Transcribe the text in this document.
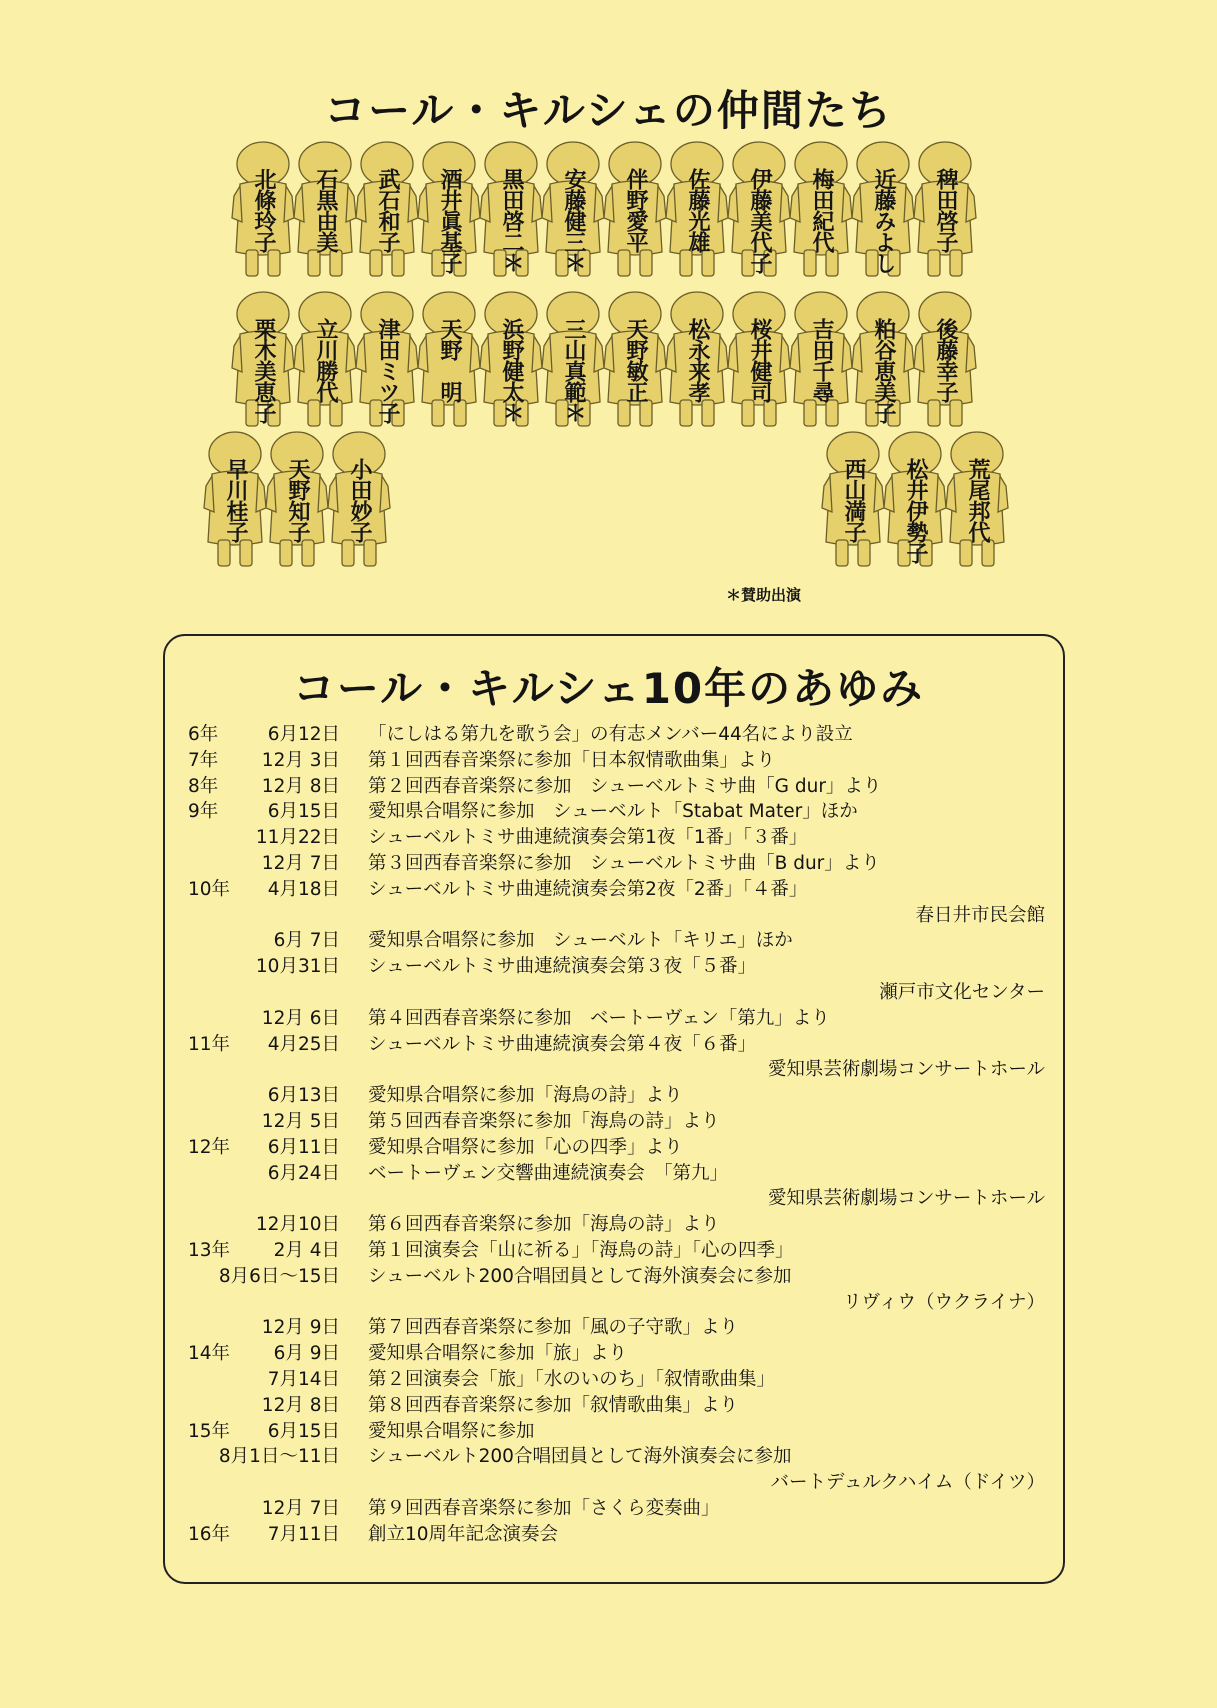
コール・キルシェの仲間たち
北條玲子	石黒由美	武石和子	酒井眞基子	黒田啓二＊	安藤健三＊	伴野愛平	佐藤光雄	伊藤美代子	梅田紀代	近藤みよし	稗田啓子
栗木美恵子	立川勝代	津田ミツ子	天野　明	浜野健太＊	三山真範＊	天野敏正	松永来孝	桜井健司	吉田千尋	粕谷恵美子	後藤幸子
早川桂子	天野知子	小田妙子	西山満子	松井伊勢子	荒尾邦代
＊賛助出演
コール・キルシェ10年のあゆみ
6年	6月12日 「にしはる第九を歌う会」の有志メンバー44名により設立
7年	12月 3日 第１回西春音楽祭に参加「日本叙情歌曲集」より
8年	12月 8日 第２回西春音楽祭に参加　シューベルトミサ曲「G dur」より
9年	6月15日 愛知県合唱祭に参加　シューベルト「Stabat Mater」ほか
11月22日 シューベルトミサ曲連続演奏会第1夜「1番」「３番」
12月 7日 第３回西春音楽祭に参加　シューベルトミサ曲「B dur」より
10年	4月18日 シューベルトミサ曲連続演奏会第2夜「2番」「４番」
春日井市民会館
6月 7日 愛知県合唱祭に参加　シューベルト「キリエ」ほか
10月31日 シューベルトミサ曲連続演奏会第３夜「５番」
瀬戸市文化センター
12月 6日 第４回西春音楽祭に参加　ベートーヴェン「第九」より
11年	4月25日 シューベルトミサ曲連続演奏会第４夜「６番」
愛知県芸術劇場コンサートホール
6月13日 愛知県合唱祭に参加「海鳥の詩」より
12月 5日 第５回西春音楽祭に参加「海鳥の詩」より
12年	6月11日 愛知県合唱祭に参加「心の四季」より
6月24日 ベートーヴェン交響曲連続演奏会　「第九」
愛知県芸術劇場コンサートホール
12月10日 第６回西春音楽祭に参加「海鳥の詩」より
13年	2月 4日 第１回演奏会「山に祈る」「海鳥の詩」「心の四季」
8月6日～15日 シューベルト200合唱団員として海外演奏会に参加
リヴィウ（ウクライナ）
12月 9日 第７回西春音楽祭に参加「風の子守歌」より
14年	6月 9日 愛知県合唱祭に参加「旅」より
7月14日 第２回演奏会「旅」「水のいのち」「叙情歌曲集」
12月 8日 第８回西春音楽祭に参加「叙情歌曲集」より
15年	6月15日 愛知県合唱祭に参加
8月1日～11日 シューベルト200合唱団員として海外演奏会に参加
バートデュルクハイム（ドイツ）
12月 7日 第９回西春音楽祭に参加「さくら変奏曲」
16年	7月11日 創立10周年記念演奏会
